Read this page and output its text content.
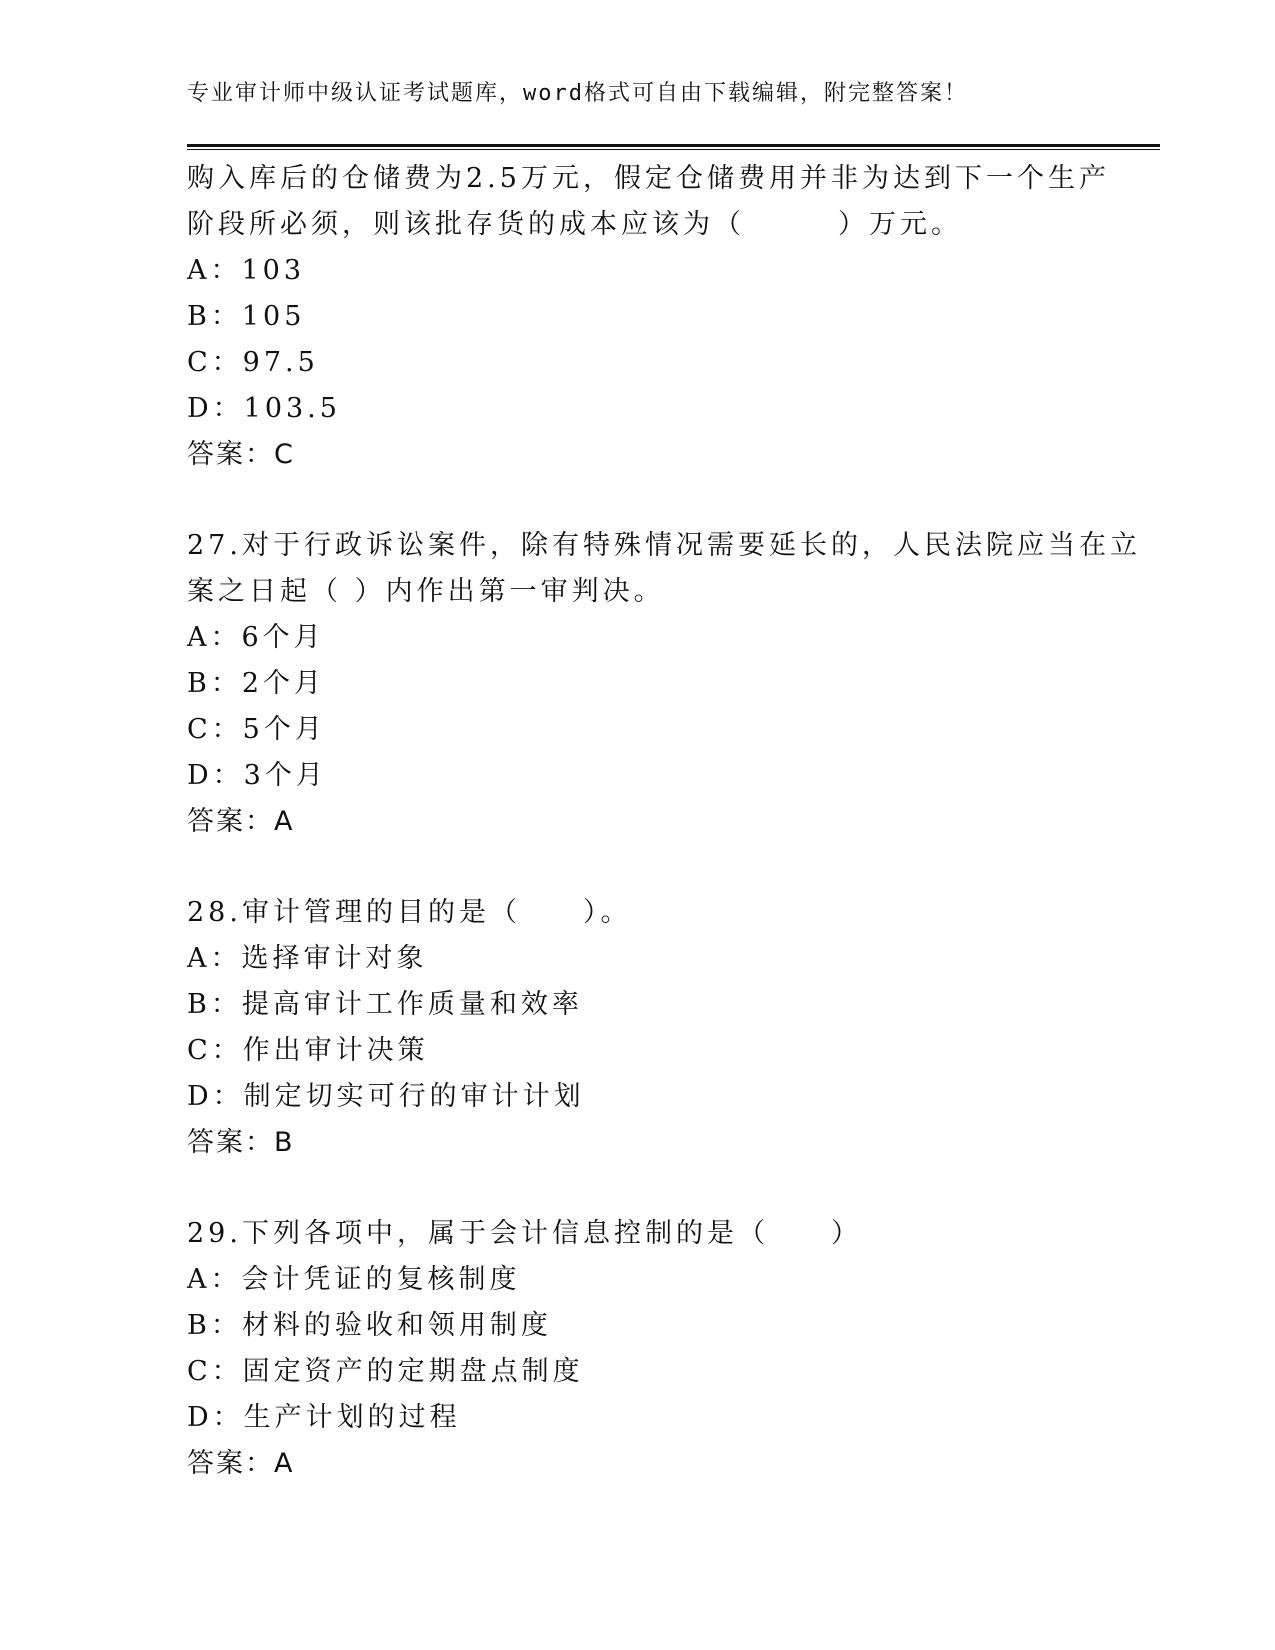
专业审计师中级认证考试题库，word格式可自由下载编辑，附完整答案！
购入库后的仓储费为2.5万元，假定仓储费用并非为达到下一个生产
阶段所必须，则该批存货的成本应该为（　　　）万元。
A：103
B：105
C：97.5
D：103.5
答案：C
27.对于行政诉讼案件，除有特殊情况需要延长的，人民法院应当在立
案之日起（ ）内作出第一审判决。
A：6个月
B：2个月
C：5个月
D：3个月
答案：A
28.审计管理的目的是（　　）。
A：选择审计对象
B：提高审计工作质量和效率
C：作出审计决策
D：制定切实可行的审计计划
答案：B
29.下列各项中，属于会计信息控制的是（　　）
A：会计凭证的复核制度
B：材料的验收和领用制度
C：固定资产的定期盘点制度
D：生产计划的过程
答案：A
